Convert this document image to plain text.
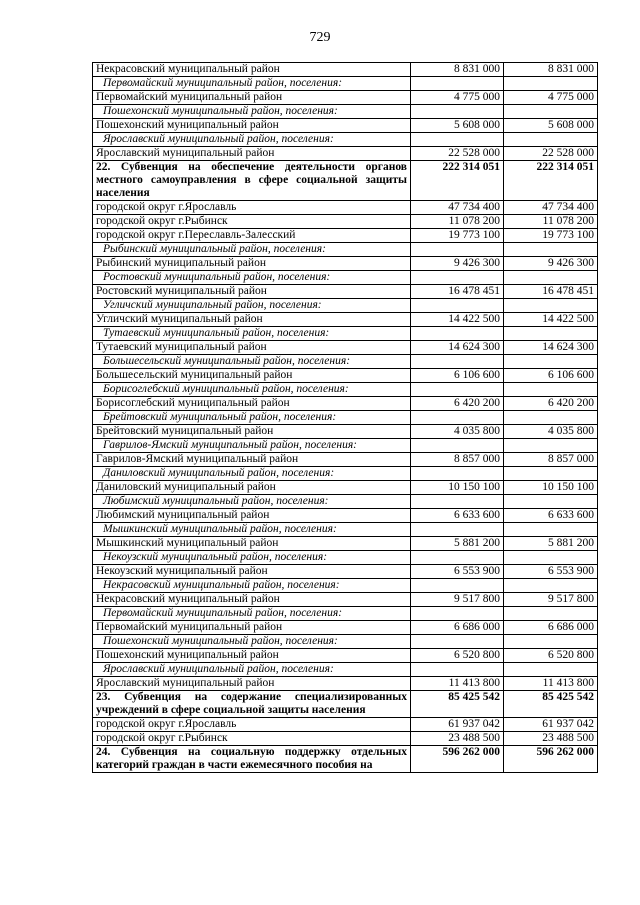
729
Некрасовский муниципальный район	8 831 000	8 831 000
Первомайский муниципальный район, поселения:		
Первомайский муниципальный район	4 775 000	4 775 000
Пошехонский муниципальный район, поселения:		
Пошехонский муниципальный район	5 608 000	5 608 000
Ярославский муниципальный район, поселения:		
Ярославский муниципальный район	22 528 000	22 528 000
22. Субвенция на обеспечение деятельности органов местного самоуправления в сфере социальной защиты населения	222 314 051	222 314 051
городской округ г.Ярославль	47 734 400	47 734 400
городской округ г.Рыбинск	11 078 200	11 078 200
городской округ г.Переславль-Залесский	19 773 100	19 773 100
Рыбинский муниципальный район, поселения:		
Рыбинский муниципальный район	9 426 300	9 426 300
Ростовский муниципальный район, поселения:		
Ростовский муниципальный район	16 478 451	16 478 451
Угличский муниципальный район, поселения:		
Угличский муниципальный район	14 422 500	14 422 500
Тутаевский муниципальный район, поселения:		
Тутаевский муниципальный район	14 624 300	14 624 300
Большесельский муниципальный район, поселения:		
Большесельский муниципальный район	6 106 600	6 106 600
Борисоглебский муниципальный район, поселения:		
Борисоглебский муниципальный район	6 420 200	6 420 200
Брейтовский муниципальный район, поселения:		
Брейтовский муниципальный район	4 035 800	4 035 800
Гаврилов-Ямский муниципальный район, поселения:		
Гаврилов-Ямский муниципальный район	8 857 000	8 857 000
Даниловский муниципальный район, поселения:		
Даниловский муниципальный район	10 150 100	10 150 100
Любимский муниципальный район, поселения:		
Любимский муниципальный район	6 633 600	6 633 600
Мышкинский муниципальный район, поселения:		
Мышкинский муниципальный район	5 881 200	5 881 200
Некоузский муниципальный район, поселения:		
Некоузский муниципальный район	6 553 900	6 553 900
Некрасовский муниципальный район, поселения:		
Некрасовский муниципальный район	9 517 800	9 517 800
Первомайский муниципальный район, поселения:		
Первомайский муниципальный район	6 686 000	6 686 000
Пошехонский муниципальный район, поселения:		
Пошехонский муниципальный район	6 520 800	6 520 800
Ярославский муниципальный район, поселения:		
Ярославский муниципальный район	11 413 800	11 413 800
23. Субвенция на содержание специализированных учреждений в сфере социальной защиты населения	85 425 542	85 425 542
городской округ г.Ярославль	61 937 042	61 937 042
городской округ г.Рыбинск	23 488 500	23 488 500
24. Субвенция на социальную поддержку отдельных категорий граждан в части ежемесячного пособия на	596 262 000	596 262 000
